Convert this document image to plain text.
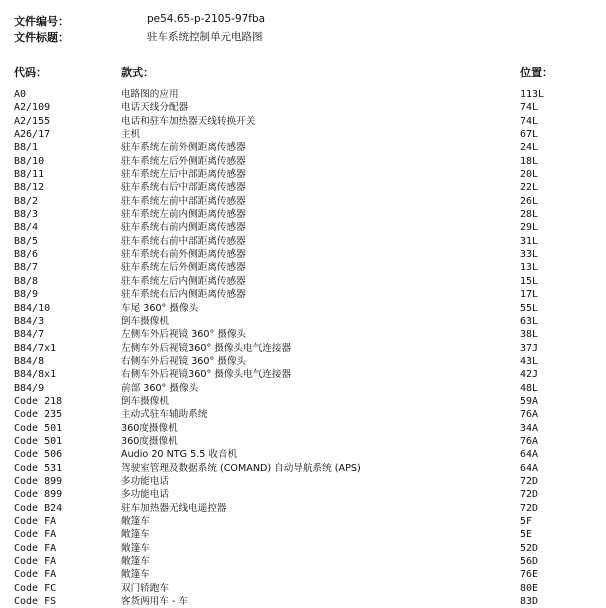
文件编号：	pe54.65-p-2105-97fba
文件标题：	驻车系统控制单元电路图
代码：	款式：	位置：
A0	电路图的应用	113L
A2/109	电话天线分配器	74L
A2/155	电话和驻车加热器天线转换开关	74L
A26/17	主机	67L
B8/1	驻车系统左前外侧距离传感器	24L
B8/10	驻车系统左后外侧距离传感器	18L
B8/11	驻车系统左后中部距离传感器	20L
B8/12	驻车系统右后中部距离传感器	22L
B8/2	驻车系统左前中部距离传感器	26L
B8/3	驻车系统左前内侧距离传感器	28L
B8/4	驻车系统右前内侧距离传感器	29L
B8/5	驻车系统右前中部距离传感器	31L
B8/6	驻车系统右前外侧距离传感器	33L
B8/7	驻车系统左后外侧距离传感器	13L
B8/8	驻车系统左后内侧距离传感器	15L
B8/9	驻车系统右后内侧距离传感器	17L
B84/10	车尾 360° 摄像头	55L
B84/3	倒车摄像机	63L
B84/7	左侧车外后视镜 360° 摄像头	38L
B84/7x1	左侧车外后视镜360° 摄像头电气连接器	37J
B84/8	右侧车外后视镜 360° 摄像头	43L
B84/8x1	右侧车外后视镜360° 摄像头电气连接器	42J
B84/9	前部 360° 摄像头	48L
Code 218	倒车摄像机	59A
Code 235	主动式驻车辅助系统	76A
Code 501	360度摄像机	34A
Code 501	360度摄像机	76A
Code 506	Audio 20 NTG 5.5 收音机	64A
Code 531	驾驶室管理及数据系统 (COMAND) 自动导航系统 (APS)	64A
Code 899	多功能电话	72D
Code 899	多功能电话	72D
Code B24	驻车加热器无线电遥控器	72D
Code FA	敞篷车	5F
Code FA	敞篷车	5E
Code FA	敞篷车	52D
Code FA	敞篷车	56D
Code FA	敞篷车	76E
Code FC	双门轿跑车	80E
Code FS	客货两用车 - 车	83D
